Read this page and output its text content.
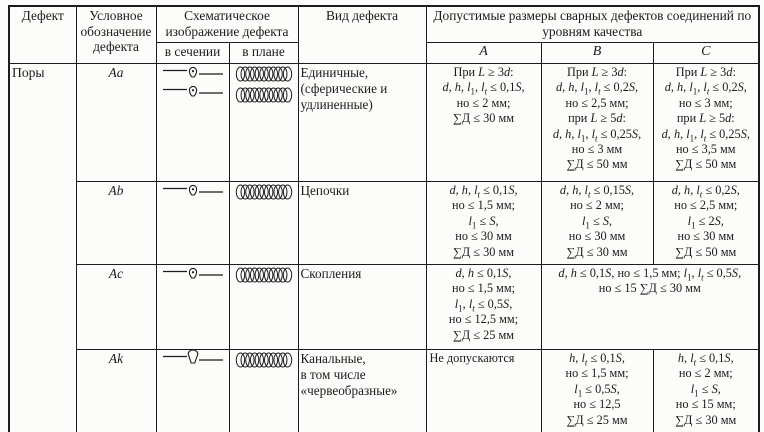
Дефект	Условное обозначение дефекта	Схематическое изображение дефекта		Вид дефекта	Допустимые размеры сварных дефектов соединений по уровням качества		
		в сечении	в плане		A	B	C
Поры	Aa			Единичные,
(сферические и
удлиненные)	При L ≥ 3d:
d, h, $l_1$, $l_t \le 0,1S$,
но ≤ 2 мм;
∑Д ≤ 30 мм	При L ≥ 3d:
d, h, $l_1$, $l_t \le 0,2S$,
но ≤ 2,5 мм;
при L ≥ 5d:
d, h, $l_1$, $l_t \le 0,25S$,
но ≤ 3 мм
∑Д ≤ 50 мм	При L ≥ 3d:
d, h, $l_1$, $l_t \le 0,2S$,
но ≤ 3 мм;
при L ≥ 5d:
d, h, $l_1$, $l_t \le 0,25S$,
но ≤ 3,5 мм
∑Д ≤ 50 мм
	Ab			Цепочки	d, h, $l_t \le 0,1S$,
но ≤ 1,5 мм;
$l_1 \le S$,
но ≤ 30 мм
∑Д ≤ 30 мм	d, h, $l_t \le 0,15S$,
но ≤ 2 мм;
$l_1 \le S$,
но ≤ 30 мм
∑Д ≤ 30 мм	d, h, $l_t \le 0,2S$,
но ≤ 2,5 мм;
$l_1 \le 2S$,
но ≤ 30 мм
∑Д ≤ 50 мм
	Ac			Скопления	d, h ≤ 0,1S,
но ≤ 1,5 мм;
$l_1$, $l_t \le 0,5S$,
но ≤ 12,5 мм;
∑Д ≤ 25 мм	d, h ≤ 0,1S, но ≤ 1,5 мм; $l_1$, $l_t \le 0,5S$,
но ≤ 15 ∑Д ≤ 30 мм	
	Ak			Канальные,
в том числе
«червеобразные»	Не допускаются	h, $l_t \le 0,1S$,
но ≤ 1,5 мм;
$l_1 \le 0,5S$,
но ≤ 12,5
∑Д ≤ 25 мм	h, $l_t \le 0,1S$,
но ≤ 2 мм;
$l_1 \le S$,
но ≤ 15 мм;
∑Д ≤ 30 мм
